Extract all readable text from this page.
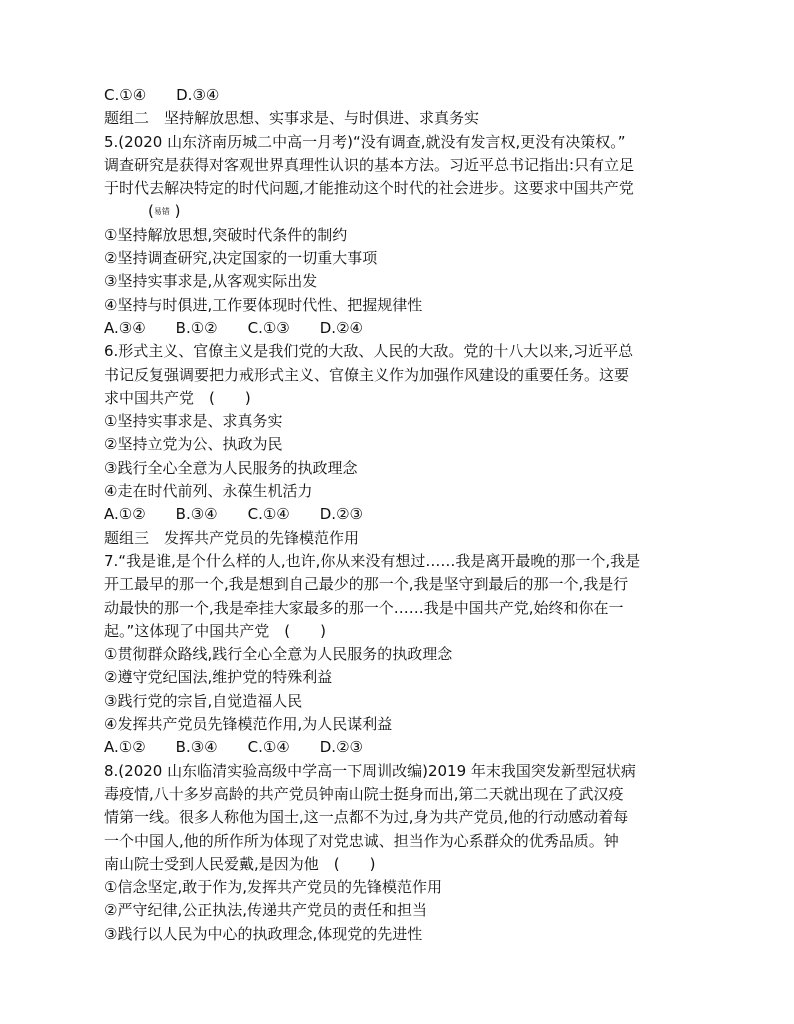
C.①④　　D.③④
题组二　坚持解放思想、实事求是、与时俱进、求真务实
5.(2020 山东济南历城二中高一月考)“没有调查,就没有发言权,更没有决策权。”
调查研究是获得对客观世界真理性认识的基本方法。习近平总书记指出:只有立足
于时代去解决特定的时代问题,才能推动这个时代的社会进步。这要求中国共产党
(易错 )
①坚持解放思想,突破时代条件的制约
②坚持调查研究,决定国家的一切重大事项
③坚持实事求是,从客观实际出发
④坚持与时俱进,工作要体现时代性、把握规律性
A.③④　　B.①②　　C.①③　　D.②④
6.形式主义、官僚主义是我们党的大敌、人民的大敌。党的十八大以来,习近平总
书记反复强调要把力戒形式主义、官僚主义作为加强作风建设的重要任务。这要
求中国共产党　(　　)
①坚持实事求是、求真务实
②坚持立党为公、执政为民
③践行全心全意为人民服务的执政理念
④走在时代前列、永葆生机活力
A.①②　　B.③④　　C.①④　　D.②③
题组三　发挥共产党员的先锋模范作用
7.“我是谁,是个什么样的人,也许,你从来没有想过……我是离开最晚的那一个,我是
开工最早的那一个,我是想到自己最少的那一个,我是坚守到最后的那一个,我是行
动最快的那一个,我是牵挂大家最多的那一个……我是中国共产党,始终和你在一
起。”这体现了中国共产党　(　　)
①贯彻群众路线,践行全心全意为人民服务的执政理念
②遵守党纪国法,维护党的特殊利益
③践行党的宗旨,自觉造福人民
④发挥共产党员先锋模范作用,为人民谋利益
A.①②　　B.③④　　C.①④　　D.②③
8.(2020 山东临清实验高级中学高一下周训改编)2019 年末我国突发新型冠状病
毒疫情,八十多岁高龄的共产党员钟南山院士挺身而出,第二天就出现在了武汉疫
情第一线。很多人称他为国士,这一点都不为过,身为共产党员,他的行动感动着每
一个中国人,他的所作所为体现了对党忠诚、担当作为心系群众的优秀品质。钟
南山院士受到人民爱戴,是因为他　(　　)
①信念坚定,敢于作为,发挥共产党员的先锋模范作用
②严守纪律,公正执法,传递共产党员的责任和担当
③践行以人民为中心的执政理念,体现党的先进性
